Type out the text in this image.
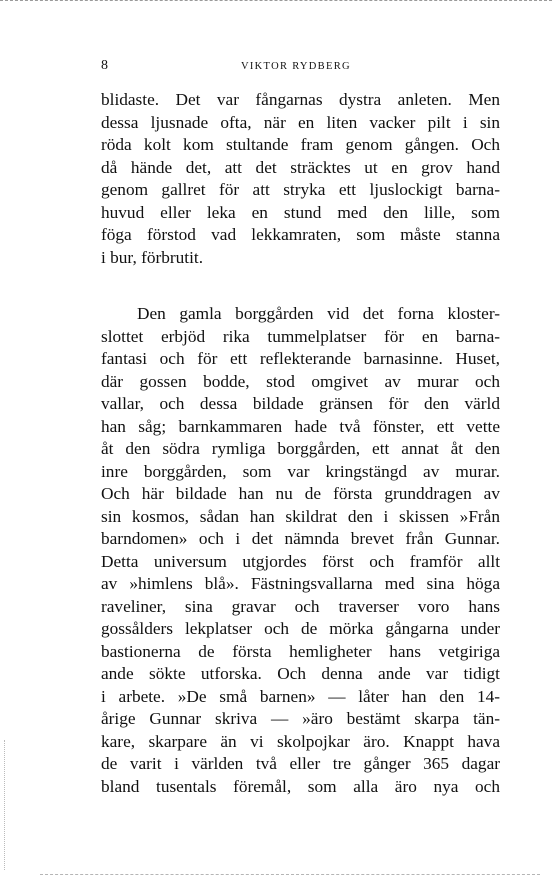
8	VIKTOR RYDBERG
blidaste. Det var fångarnas dystra anleten. Men
dessa ljusnade ofta, när en liten vacker pilt i sin
röda kolt kom stultande fram genom gången. Och
då hände det, att det sträcktes ut en grov hand
genom gallret för att stryka ett ljuslockigt barna-
huvud eller leka en stund med den lille, som
föga förstod vad lekkamraten, som måste stanna
i bur, förbrutit.
Den gamla borggården vid det forna kloster-
slottet erbjöd rika tummelplatser för en barna-
fantasi och för ett reflekterande barnasinne. Huset,
där gossen bodde, stod omgivet av murar och
vallar, och dessa bildade gränsen för den värld
han såg; barnkammaren hade två fönster, ett vette
åt den södra rymliga borggården, ett annat åt den
inre borggården, som var kringstängd av murar.
Och här bildade han nu de första grunddragen av
sin kosmos, sådan han skildrat den i skissen »Från
barndomen» och i det nämnda brevet från Gunnar.
Detta universum utgjordes först och framför allt
av »himlens blå». Fästningsvallarna med sina höga
raveliner, sina gravar och traverser voro hans
gossålders lekplatser och de mörka gångarna under
bastionerna de första hemligheter hans vetgiriga
ande sökte utforska. Och denna ande var tidigt
i arbete. »De små barnen» — låter han den 14-
årige Gunnar skriva — »äro bestämt skarpa tän-
kare, skarpare än vi skolpojkar äro. Knappt hava
de varit i världen två eller tre gånger 365 dagar
bland tusentals föremål, som alla äro nya och
